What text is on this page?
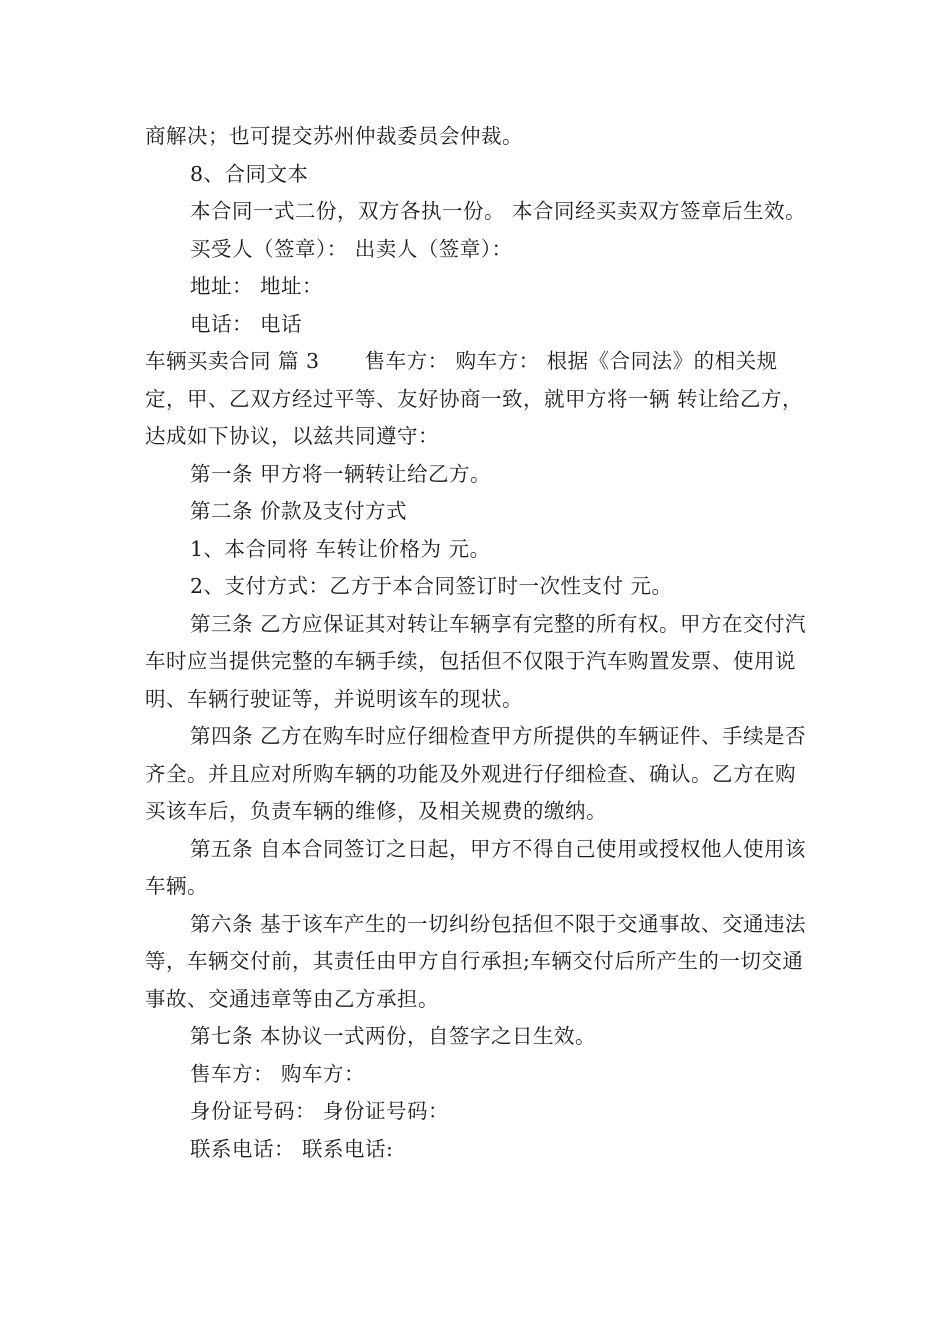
商解决；也可提交苏州仲裁委员会仲裁。

8、合同文本

本合同一式二份，双方各执一份。 本合同经买卖双方签章后生效。

买受人（签章）： 出卖人（签章）：

地址： 地址：

电话： 电话

车辆买卖合同 篇 3 售车方： 购车方： 根据《合同法》的相关规定，甲、乙双方经过平等、友好协商一致，就甲方将一辆 转让给乙方，达成如下协议，以兹共同遵守：

第一条 甲方将一辆转让给乙方。

第二条 价款及支付方式

1、本合同将 车转让价格为 元。

2、支付方式：乙方于本合同签订时一次性支付 元。

第三条 乙方应保证其对转让车辆享有完整的所有权。甲方在交付汽车时应当提供完整的车辆手续，包括但不仅限于汽车购置发票、使用说明、车辆行驶证等，并说明该车的现状。

第四条 乙方在购车时应仔细检查甲方所提供的车辆证件、手续是否齐全。并且应对所购车辆的功能及外观进行仔细检查、确认。乙方在购买该车后，负责车辆的维修，及相关规费的缴纳。

第五条 自本合同签订之日起，甲方不得自己使用或授权他人使用该车辆。

第六条 基于该车产生的一切纠纷包括但不限于交通事故、交通违法等，车辆交付前，其责任由甲方自行承担;车辆交付后所产生的一切交通事故、交通违章等由乙方承担。

第七条 本协议一式两份，自签字之日生效。

售车方： 购车方：

身份证号码： 身份证号码：

联系电话： 联系电话:
